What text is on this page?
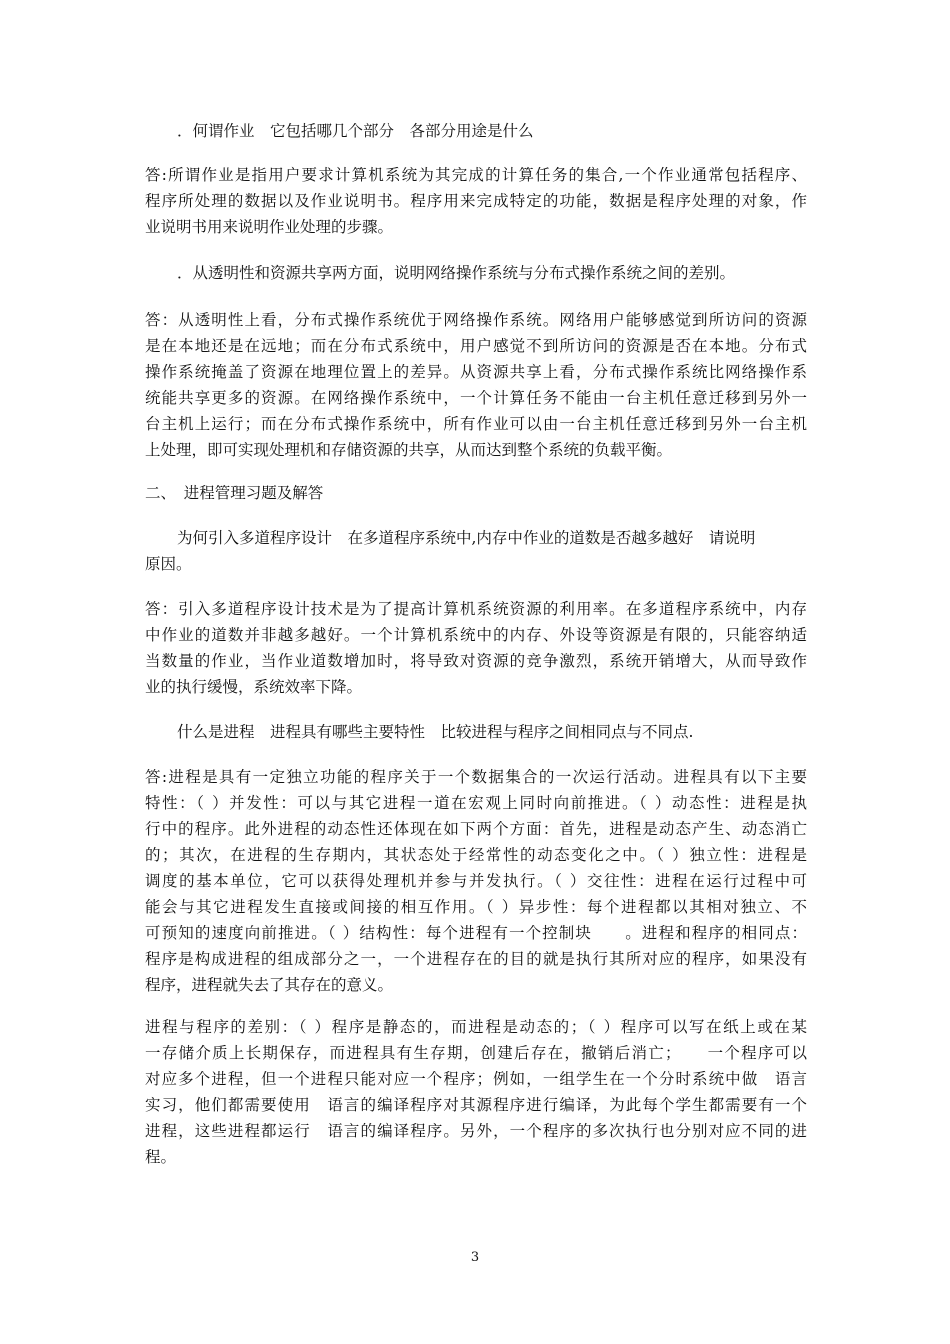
．何谓作业　它包括哪几个部分　各部分用途是什么
答:所谓作业是指用户要求计算机系统为其完成的计算任务的集合,一个作业通常包括程序、
程序所处理的数据以及作业说明书。程序用来完成特定的功能，数据是程序处理的对象，作
业说明书用来说明作业处理的步骤。
．从透明性和资源共享两方面，说明网络操作系统与分布式操作系统之间的差别。
答：从透明性上看，分布式操作系统优于网络操作系统。网络用户能够感觉到所访问的资源
是在本地还是在远地；而在分布式系统中，用户感觉不到所访问的资源是否在本地。分布式
操作系统掩盖了资源在地理位置上的差异。从资源共享上看，分布式操作系统比网络操作系
统能共享更多的资源。在网络操作系统中，一个计算任务不能由一台主机任意迁移到另外一
台主机上运行；而在分布式操作系统中，所有作业可以由一台主机任意迁移到另外一台主机
上处理，即可实现处理机和存储资源的共享，从而达到整个系统的负载平衡。
二、　进程管理习题及解答
为何引入多道程序设计　在多道程序系统中,内存中作业的道数是否越多越好　请说明
原因。
答：引入多道程序设计技术是为了提高计算机系统资源的利用率。在多道程序系统中，内存
中作业的道数并非越多越好。一个计算机系统中的内存、外设等资源是有限的，只能容纳适
当数量的作业，当作业道数增加时，将导致对资源的竞争激烈，系统开销增大，从而导致作
业的执行缓慢，系统效率下降。
什么是进程　进程具有哪些主要特性　比较进程与程序之间相同点与不同点.
答:进程是具有一定独立功能的程序关于一个数据集合的一次运行活动。进程具有以下主要
特性：（ ）并发性：可以与其它进程一道在宏观上同时向前推进。（ ）动态性：进程是执
行中的程序。此外进程的动态性还体现在如下两个方面：首先，进程是动态产生、动态消亡
的；其次，在进程的生存期内，其状态处于经常性的动态变化之中。（ ）独立性：进程是
调度的基本单位，它可以获得处理机并参与并发执行。（ ）交往性：进程在运行过程中可
能会与其它进程发生直接或间接的相互作用。（ ）异步性：每个进程都以其相对独立、不
可预知的速度向前推进。（ ）结构性：每个进程有一个控制块　　。进程和程序的相同点：
程序是构成进程的组成部分之一，一个进程存在的目的就是执行其所对应的程序，如果没有
程序，进程就失去了其存在的意义。
进程与程序的差别：（ ）程序是静态的，而进程是动态的；（ ）程序可以写在纸上或在某
一存储介质上长期保存，而进程具有生存期，创建后存在，撤销后消亡；　　一个程序可以
对应多个进程，但一个进程只能对应一个程序；例如，一组学生在一个分时系统中做　语言
实习，他们都需要使用　语言的编译程序对其源程序进行编译，为此每个学生都需要有一个
进程，这些进程都运行　语言的编译程序。另外，一个程序的多次执行也分别对应不同的进
程。
3
